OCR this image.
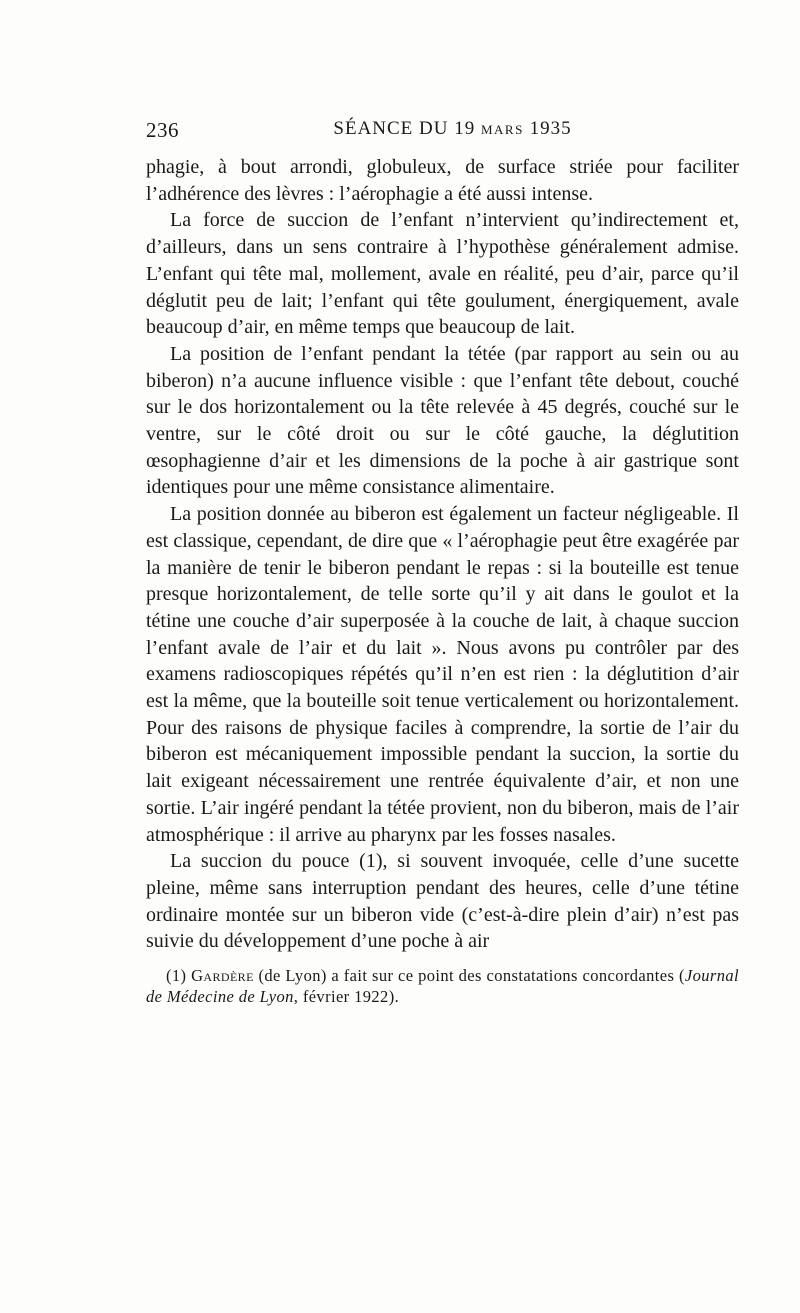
236	SÉANCE DU 19 mars 1935

phagie, à bout arrondi, globuleux, de surface striée pour faciliter l’adhérence des lèvres : l’aérophagie a été aussi intense.

La force de succion de l’enfant n’intervient qu’indirectement et, d’ailleurs, dans un sens contraire à l’hypothèse généralement admise. L’enfant qui tête mal, mollement, avale en réalité, peu d’air, parce qu’il déglutit peu de lait; l’enfant qui tête goulument, énergiquement, avale beaucoup d’air, en même temps que beaucoup de lait.

La position de l’enfant pendant la tétée (par rapport au sein ou au biberon) n’a aucune influence visible : que l’enfant tête debout, couché sur le dos horizontalement ou la tête relevée à 45 degrés, couché sur le ventre, sur le côté droit ou sur le côté gauche, la déglutition œsophagienne d’air et les dimensions de la poche à air gastrique sont identiques pour une même consistance alimentaire.

La position donnée au biberon est également un facteur négligeable. Il est classique, cependant, de dire que « l’aérophagie peut être exagérée par la manière de tenir le biberon pendant le repas : si la bouteille est tenue presque horizontalement, de telle sorte qu’il y ait dans le goulot et la tétine une couche d’air superposée à la couche de lait, à chaque succion l’enfant avale de l’air et du lait ». Nous avons pu contrôler par des examens radioscopiques répétés qu’il n’en est rien : la déglutition d’air est la même, que la bouteille soit tenue verticalement ou horizontalement. Pour des raisons de physique faciles à comprendre, la sortie de l’air du biberon est mécaniquement impossible pendant la succion, la sortie du lait exigeant nécessairement une rentrée équivalente d’air, et non une sortie. L’air ingéré pendant la tétée provient, non du biberon, mais de l’air atmosphérique : il arrive au pharynx par les fosses nasales.

La succion du pouce (1), si souvent invoquée, celle d’une sucette pleine, même sans interruption pendant des heures, celle d’une tétine ordinaire montée sur un biberon vide (c’est-à-dire plein d’air) n’est pas suivie du développement d’une poche à air

(1) Gardère (de Lyon) a fait sur ce point des constatations concordantes (Journal de Médecine de Lyon, février 1922).
